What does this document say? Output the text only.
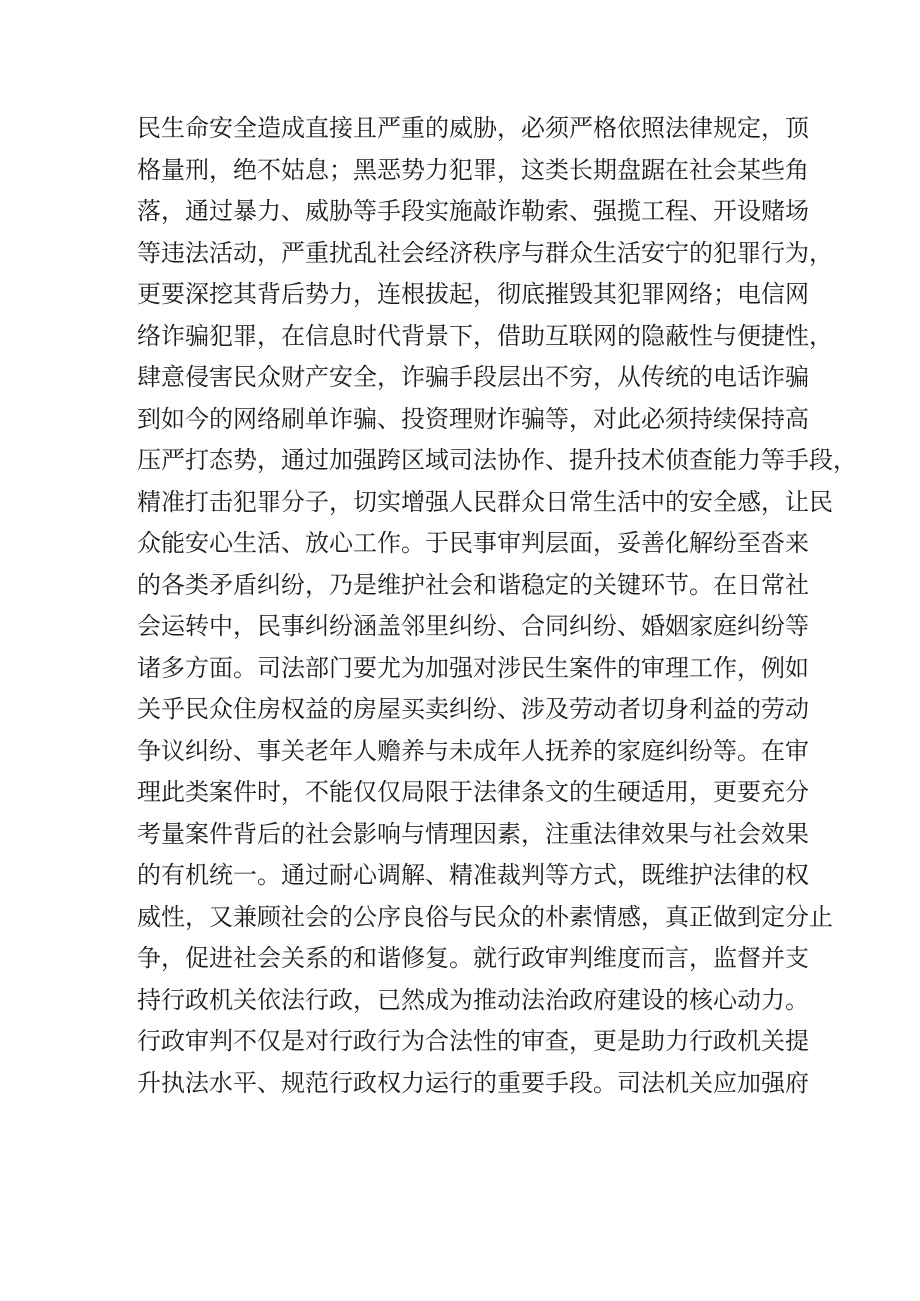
民生命安全造成直接且严重的威胁，必须严格依照法律规定，顶
格量刑，绝不姑息；黑恶势力犯罪，这类长期盘踞在社会某些角
落，通过暴力、威胁等手段实施敲诈勒索、强揽工程、开设赌场
等违法活动，严重扰乱社会经济秩序与群众生活安宁的犯罪行为，
更要深挖其背后势力，连根拔起，彻底摧毁其犯罪网络；电信网
络诈骗犯罪，在信息时代背景下，借助互联网的隐蔽性与便捷性，
肆意侵害民众财产安全，诈骗手段层出不穷，从传统的电话诈骗
到如今的网络刷单诈骗、投资理财诈骗等，对此必须持续保持高
压严打态势，通过加强跨区域司法协作、提升技术侦查能力等手段，
精准打击犯罪分子，切实增强人民群众日常生活中的安全感，让民
众能安心生活、放心工作。于民事审判层面，妥善化解纷至沓来
的各类矛盾纠纷，乃是维护社会和谐稳定的关键环节。在日常社
会运转中，民事纠纷涵盖邻里纠纷、合同纠纷、婚姻家庭纠纷等
诸多方面。司法部门要尤为加强对涉民生案件的审理工作，例如
关乎民众住房权益的房屋买卖纠纷、涉及劳动者切身利益的劳动
争议纠纷、事关老年人赡养与未成年人抚养的家庭纠纷等。在审
理此类案件时，不能仅仅局限于法律条文的生硬适用，更要充分
考量案件背后的社会影响与情理因素，注重法律效果与社会效果
的有机统一。通过耐心调解、精准裁判等方式，既维护法律的权
威性，又兼顾社会的公序良俗与民众的朴素情感，真正做到定分止
争，促进社会关系的和谐修复。就行政审判维度而言，监督并支
持行政机关依法行政，已然成为推动法治政府建设的核心动力。
行政审判不仅是对行政行为合法性的审查，更是助力行政机关提
升执法水平、规范行政权力运行的重要手段。司法机关应加强府
